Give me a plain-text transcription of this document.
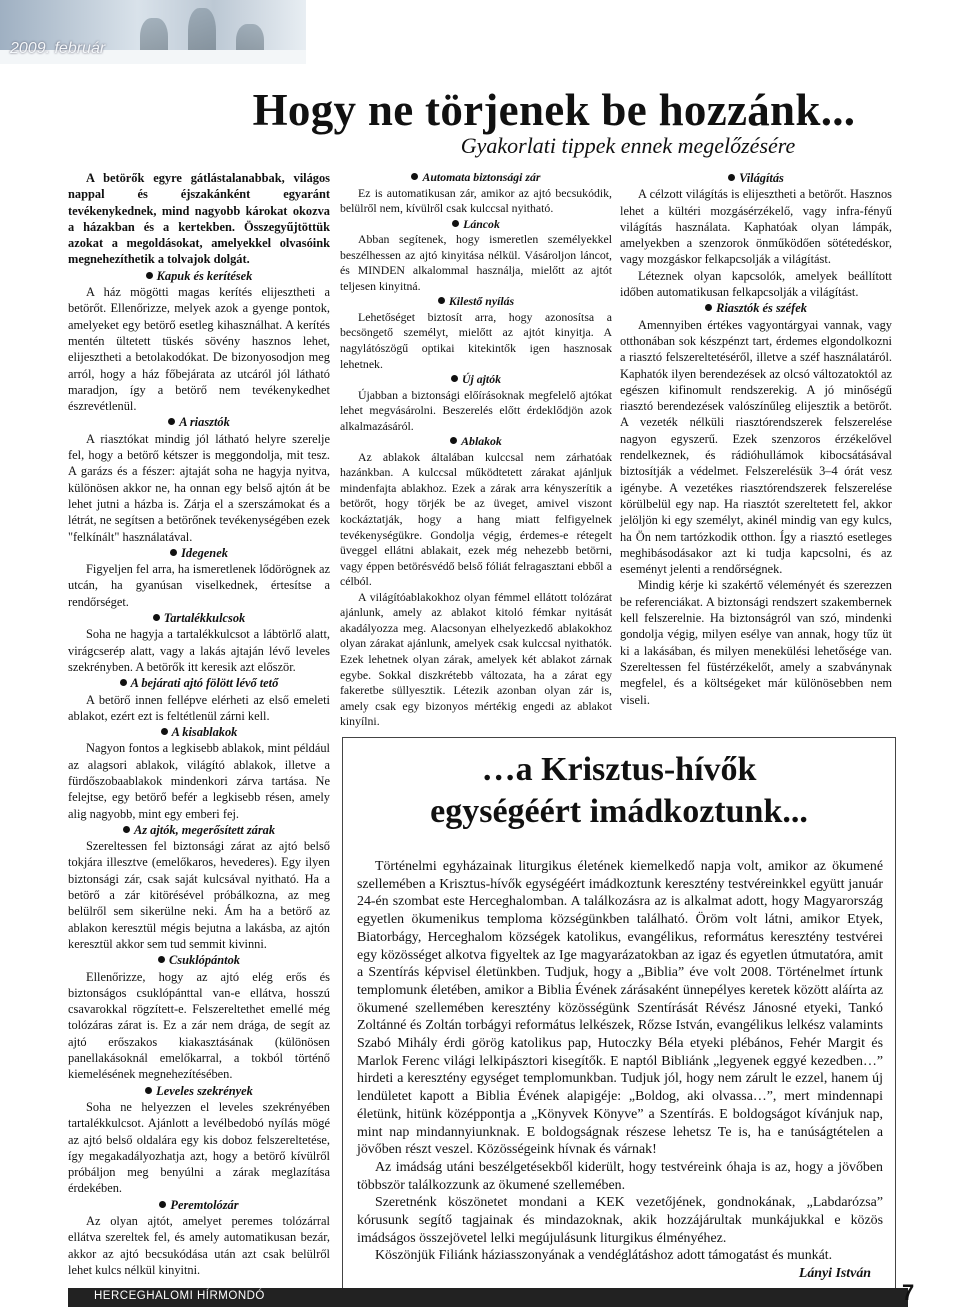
2009. február
Hogy ne törjenek be hozzánk...
Gyakorlati tippek ennek megelőzésére

A betörők egyre gátlástalanabbak, világos nappal és éjszakánként egyaránt tevékenykednek, mind nagyobb károkat okozva a házakban és a kertekben. Összegyűjtöttük azokat a megoldásokat, amelyekkel olvasóink megnehezíthetik a tolvajok dolgát.

Kapuk és kerítések

A ház mögötti magas kerítés elijesztheti a betörőt. Ellenőrizze, melyek azok a gyenge pontok, amelyeket egy betörő esetleg kihasználhat. A kerítés mentén ültetett tüskés sövény hasznos lehet, elijesztheti a betolakodókat. De bizonyosodjon meg arról, hogy a ház főbejárata az utcáról jól látható maradjon, így a betörő nem tevékenykedhet észrevétlenül.

A riasztók

A riasztókat mindig jól látható helyre szerelje fel, hogy a betörő kétszer is meggondolja, mit tesz. A garázs és a fészer: ajtaját soha ne hagyja nyitva, különösen akkor ne, ha onnan egy belső ajtón át be lehet jutni a házba is. Zárja el a szerszámokat és a létrát, ne segítsen a betörőnek tevékenységében ezek "felkínált" használatával.

Idegenek

Figyeljen fel arra, ha ismeretlenek lődörögnek az utcán, ha gyanúsan viselkednek, értesítse a rendőrséget.

Tartalékkulcsok

Soha ne hagyja a tartalékkulcsot a lábtörlő alatt, virágcserép alatt, vagy a lakás ajtaján lévő leveles szekrényben. A betörők itt keresik azt először.

A bejárati ajtó fölött lévő tető

A betörő innen fellépve elérheti az első emeleti ablakot, ezért ezt is feltétlenül zárni kell.

A kisablakok

Nagyon fontos a legkisebb ablakok, mint például az alagsori ablakok, világító ablakok, illetve a fürdőszobaablakok mindenkori zárva tartása. Ne felejtse, egy betörő befér a legkisebb résen, amely alig nagyobb, mint egy emberi fej.

Az ajtók, megerősített zárak

Szereltessen fel biztonsági zárat az ajtó belső tokjára illesztve (emelőkaros, hevederes). Egy ilyen biztonsági zár, csak saját kulcsával nyitható. Ha a betörő a zár kitörésével próbálkozna, az meg belülről sem sikerülne neki. Ám ha a betörő az ablakon keresztül mégis bejutna a lakásba, az ajtón keresztül akkor sem tud semmit kivinni.

Csuklópántok

Ellenőrizze, hogy az ajtó elég erős és biztonságos csuklópánttal van-e ellátva, hosszú csavarokkal rögzített-e. Felszereltethet emellé még tolózáras zárat is. Ez a zár nem drága, de segít az ajtó erőszakos kiakasztásának (különösen panellakásoknál emelőkarral, a tokból történő kiemelésének megnehezítésében.

Leveles szekrények

Soha ne helyezzen el leveles szekrényében tartalékkulcsot. Ajánlott a levélbedobó nyílás mögé az ajtó belső oldalára egy kis doboz felszereltetése, így megakadályozhatja azt, hogy a betörő kívülről próbáljon meg benyúlni a zárak meglazítása érdekében.

Peremtolózár

Az olyan ajtót, amelyet peremes tolózárral ellátva szereltek fel, és amely automatikusan bezár, akkor az ajtó becsukódása után azt csak belülről lehet kulcs nélkül kinyitni.

Automata biztonsági zár

Ez is automatikusan zár, amikor az ajtó becsukódik, belülről nem, kívülről csak kulccsal nyitható.

Láncok

Abban segítenek, hogy ismeretlen személyekkel beszélhessen az ajtó kinyitása nélkül. Vásároljon láncot, és MINDEN alkalommal használja, mielőtt az ajtót teljesen kinyitná.

Kilestő nyílás

Lehetőséget biztosít arra, hogy azonosítsa a becsöngető személyt, mielőtt az ajtót kinyitja. A nagylátószögű optikai kitekintők igen hasznosak lehetnek.

Új ajtók

Újabban a biztonsági előírásoknak megfelelő ajtókat lehet megvásárolni. Beszerelés előtt érdeklődjön azok alkalmazásáról.

Ablakok

Az ablakok általában kulccsal nem zárhatóak hazánkban. A kulccsal működtetett zárakat ajánljuk mindenfajta ablakhoz. Ezek a zárak arra kényszerítik a betörőt, hogy törjék be az üveget, amivel viszont kockáztatják, hogy a hang miatt felfigyelnek tevékenységükre. Gondolja végig, érdemes-e rétegelt üveggel ellátni ablakait, ezek még nehezebb betörni, vagy éppen betörésvédő belső fóliát felragasztani ebből a célból.

A világítóablakokhoz olyan fémmel ellátott tolózárat ajánlunk, amely az ablakot kitoló fémkar nyitását akadályozza meg. Alacsonyan elhelyezkedő ablakokhoz olyan zárakat ajánlunk, amelyek csak kulccsal nyithatók. Ezek lehetnek olyan zárak, amelyek két ablakot zárnak egybe. Sokkal diszkrétebb változata, ha a zárat egy fakeretbe süllyesztik. Létezik azonban olyan zár is, amely csak egy bizonyos mértékig engedi az ablakot kinyílni.

Világítás

A célzott világítás is elijesztheti a betörőt. Hasznos lehet a kültéri mozgásérzékelő, vagy infra-fényű világítás használata. Kaphatóak olyan lámpák, amelyekben a szenzorok önműködően sötétedéskor, vagy mozgáskor felkapcsolják a világítást.

Léteznek olyan kapcsolók, amelyek beállított időben automatikusan felkapcsolják a világítást.

Riasztók és széfek

Amennyiben értékes vagyontárgyai vannak, vagy otthonában sok készpénzt tart, érdemes elgondolkozni a riasztó felszereltetéséről, illetve a széf használatáról. Kaphatók ilyen berendezések az olcsó változatoktól az egészen kifinomult rendszerekig. A jó minőségű riasztó berendezések valószínűleg elijesztik a betörőt. A vezeték nélküli riasztórendszerek felszerelése nagyon egyszerű. Ezek szenzoros érzékelővel rendelkeznek, és rádióhullámok kibocsátásával biztosítják a védelmet. Felszerelésük 3–4 órát vesz igénybe. A vezetékes riasztórendszerek felszerelése körülbelül egy nap. Ha riasztót szereltetett fel, akkor jelöljön ki egy személyt, akinél mindig van egy kulcs, ha Ön nem tartózkodik otthon. Így a riasztó esetleges meghibásodásakor azt ki tudja kapcsolni, és az eseményt jelenti a rendőrségnek.

Mindig kérje ki szakértő véleményét és szerezzen be referenciákat. A biztonsági rendszert szakembernek kell felszerelnie. Ha biztonságról van szó, mindenki gondolja végig, milyen esélye van annak, hogy tűz üt ki a lakásában, és milyen menekülési lehetősége van. Szereltessen fel füstérzékelőt, amely a szabványnak megfelel, és a költségeket már különösebben nem viseli.

…a Krisztus-hívők
egységéért imádkoztunk...

Történelmi egyházainak liturgikus életének kiemelkedő napja volt, amikor az ökumené szellemében a Krisztus-hívők egységéért imádkoztunk keresztény testvéreinkkel együtt január 24-én szombat este Herceghalomban. A találkozásra az is alkalmat adott, hogy Magyarország egyetlen ökumenikus temploma községünkben található. Öröm volt látni, amikor Etyek, Biatorbágy, Herceghalom községek katolikus, evangélikus, református keresztény testvérei egy közösséget alkotva figyeltek az Ige magyarázatokban az igaz és egyetlen útmutatóra, amit a Szentírás képvisel életünkben. Tudjuk, hogy a „Biblia” éve volt 2008. Történelmet írtunk templomunk életében, amikor a Biblia Évének zárásaként ünnepélyes keretek között aláírta az ökumené szellemében keresztény közösségünk Szentírását Révész Jánosné etyeki, Tankó Zoltánné és Zoltán torbágyi református lelkészek, Rőzse István, evangélikus lelkész valamints Szabó Mihály érdi görög katolikus pap, Hutoczky Béla etyeki plébános, Fehér Margit és Marlok Ferenc világi lelkipásztori kisegítők. E naptól Bibliánk „legyenek eggyé kezedben…” hirdeti a keresztény egységet templomunkban. Tudjuk jól, hogy nem zárult le ezzel, hanem új lendületet kapott a Biblia Évének alapigéje: „Boldog, aki olvassa…”, mert mindennapi életünk, hitünk középpontja a „Könyvek Könyve” a Szentírás. E boldogságot kívánjuk nap, mint nap mindannyiunknak. E boldogságnak részese lehetsz Te is, ha e tanúságtételen a jövőben részt veszel. Közösségeink hívnak és várnak!

Az imádság utáni beszélgetésekből kiderült, hogy testvéreink óhaja is az, hogy a jövőben többször találkozzunk az ökumené szellemében.

Szeretnénk köszönetet mondani a KEK vezetőjének, gondnokának, „Labdarózsa” kórusunk segítő tagjainak és mindazoknak, akik hozzájárultak munkájukkal e közös imádságos összejövetel lelki megújulásunk liturgikus élményéhez.

Köszönjük Filiánk háziasszonyának a vendéglátáshoz adott támogatást és munkát.

Lányi István
HERCEGHALOMI HÍRMONDÓ	7
